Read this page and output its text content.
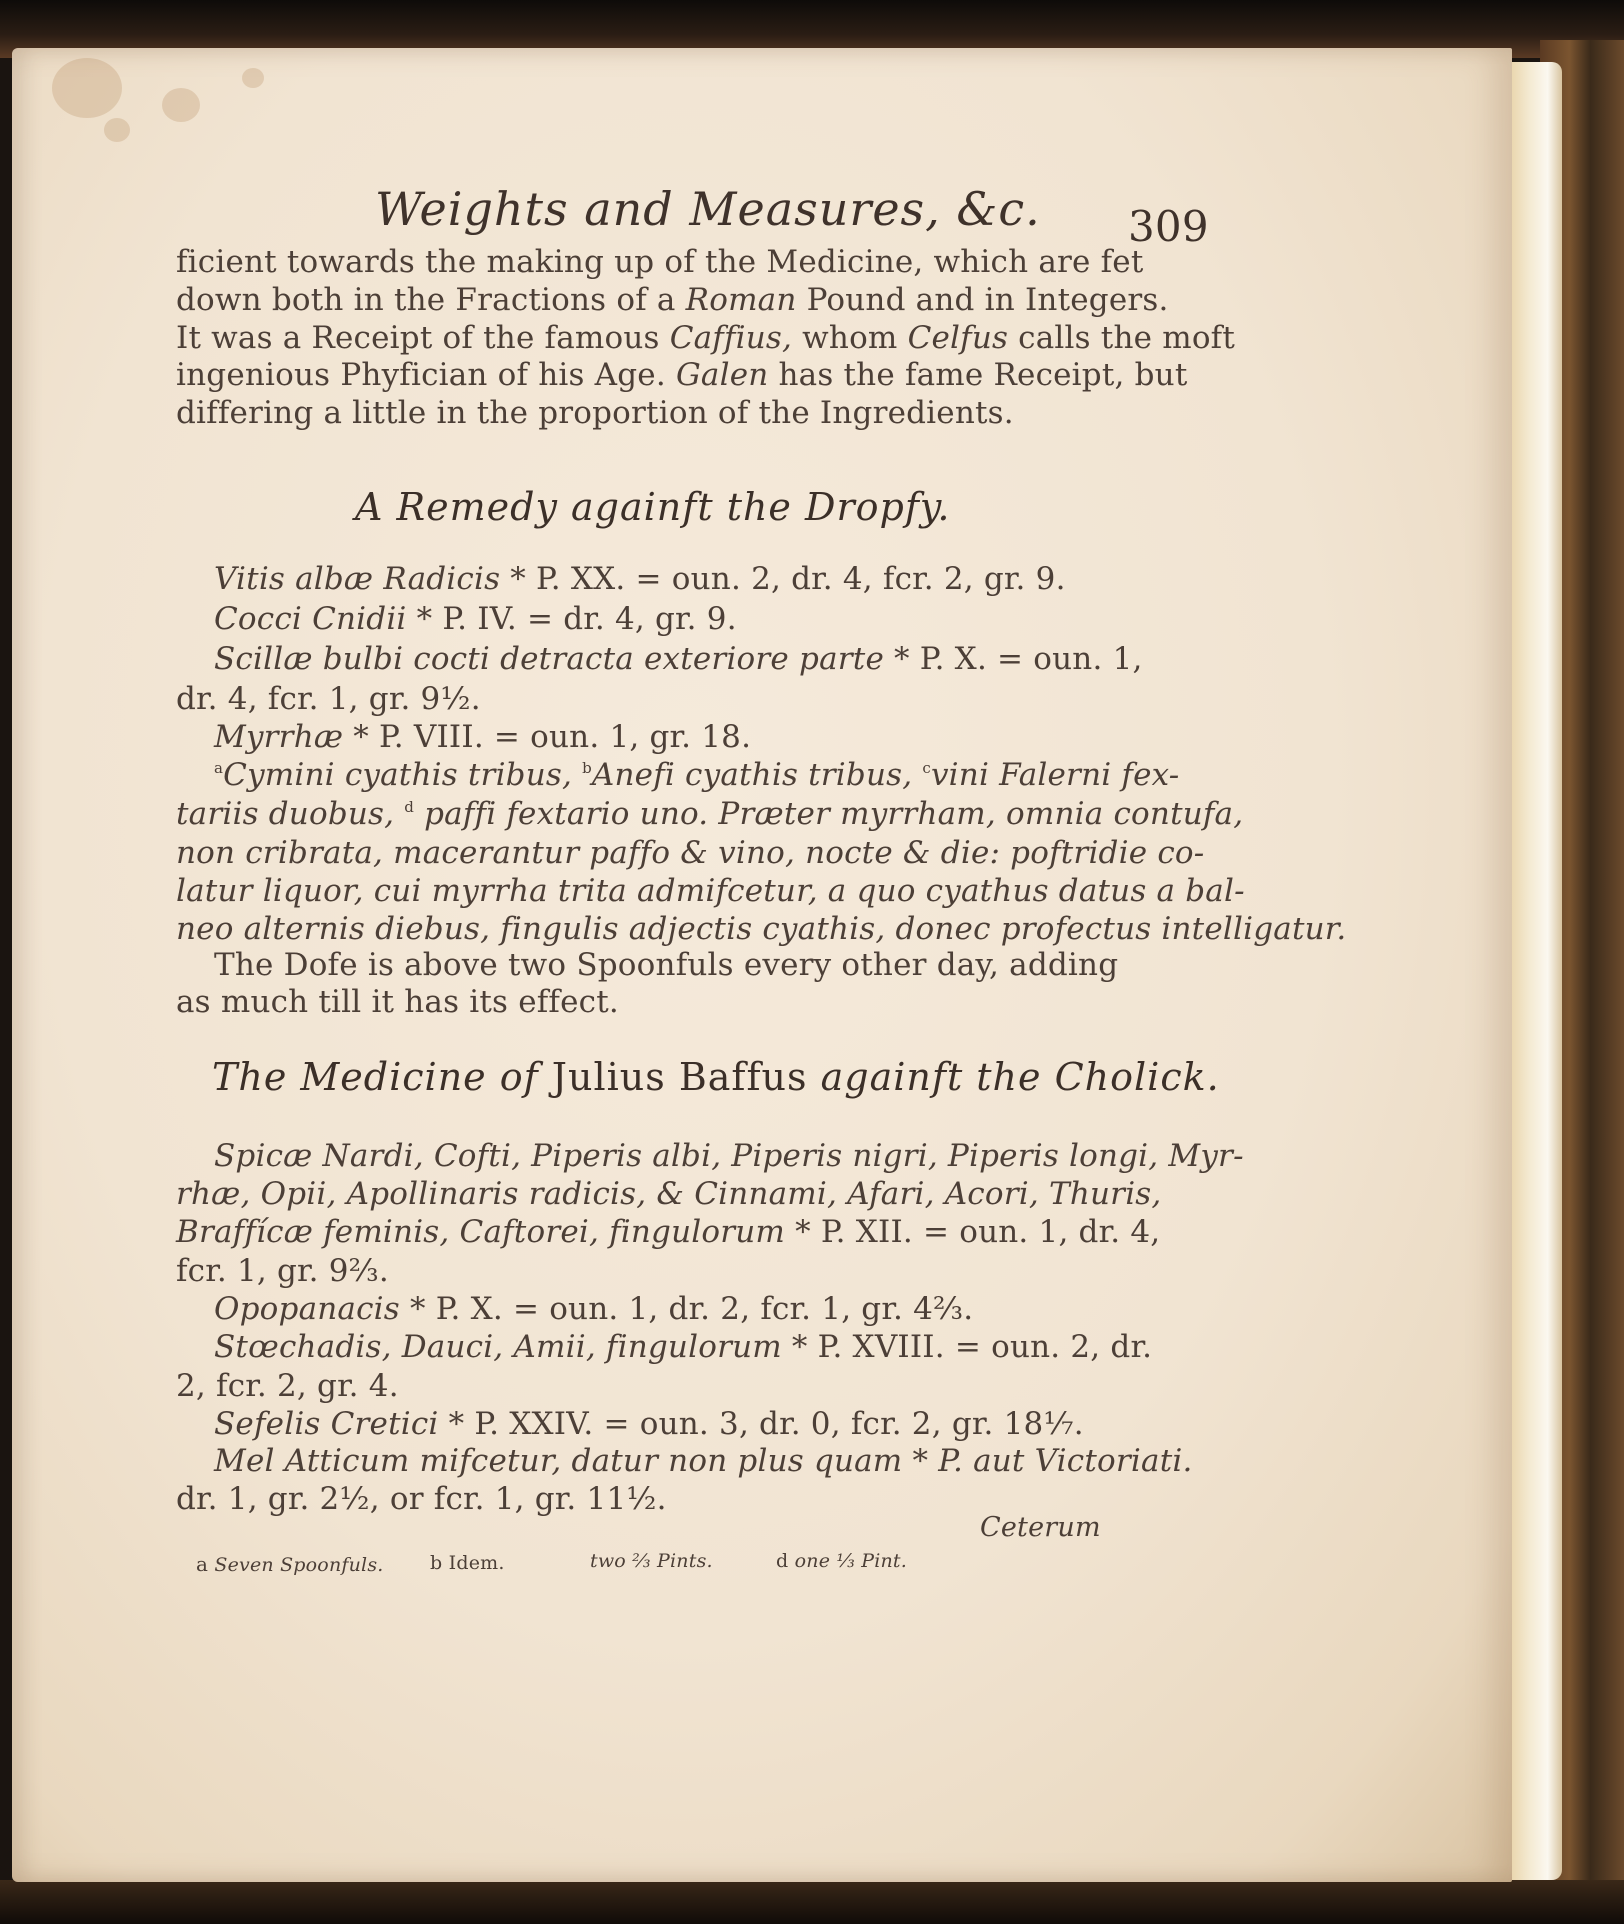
Weights and Measures, &c. 309
ficient towards the making up of the Medicine, which are fet
down both in the Fractions of a Roman Pound and in Integers.
It was a Receipt of the famous Caffius, whom Celfus calls the moft
ingenious Phyfician of his Age. Galen has the fame Receipt, but
differing a little in the proportion of the Ingredients.
A Remedy againft the Dropfy.
Vitis albæ Radicis * P. XX. = oun. 2, dr. 4, fcr. 2, gr. 9.
Cocci Cnidii * P. IV. = dr. 4, gr. 9.
Scillæ bulbi cocti detracta exteriore parte * P. X. = oun. 1,
dr. 4, fcr. 1, gr. 9½.
Myrrhæ * P. VIII. = oun. 1, gr. 18.
$^a$Cymini cyathis tribus, $^b$Anefi cyathis tribus, $^c$vini Falerni fex-
tariis duobus, $^d$ paffi fextario uno. Præter myrrham, omnia contufa,
non cribrata, macerantur paffo & vino, nocte & die: poftridie co-
latur liquor, cui myrrha trita admifcetur, a quo cyathus datus a bal-
neo alternis diebus, fingulis adjectis cyathis, donec profectus intelligatur.
The Dofe is above two Spoonfuls every other day, adding
as much till it has its effect.
The Medicine of Julius Baffus againft the Cholick.
Spicæ Nardi, Cofti, Piperis albi, Piperis nigri, Piperis longi, Myr-
rhæ, Opii, Apollinaris radicis, & Cinnami, Afari, Acori, Thuris,
Braffícæ feminis, Caftorei, fingulorum * P. XII. = oun. 1, dr. 4,
fcr. 1, gr. 9⅔.
Opopanacis * P. X. = oun. 1, dr. 2, fcr. 1, gr. 4⅔.
Stœchadis, Dauci, Amii, fingulorum * P. XVIII. = oun. 2, dr.
2, fcr. 2, gr. 4.
Sefelis Cretici * P. XXIV. = oun. 3, dr. 0, fcr. 2, gr. 18⅐.
Mel Atticum mifcetur, datur non plus quam * P. aut Victoriati.
dr. 1, gr. 2½, or fcr. 1, gr. 11½.
Ceterum
a Seven Spoonfuls. b Idem.	two ⅔ Pints.	d one ⅓ Pint.
